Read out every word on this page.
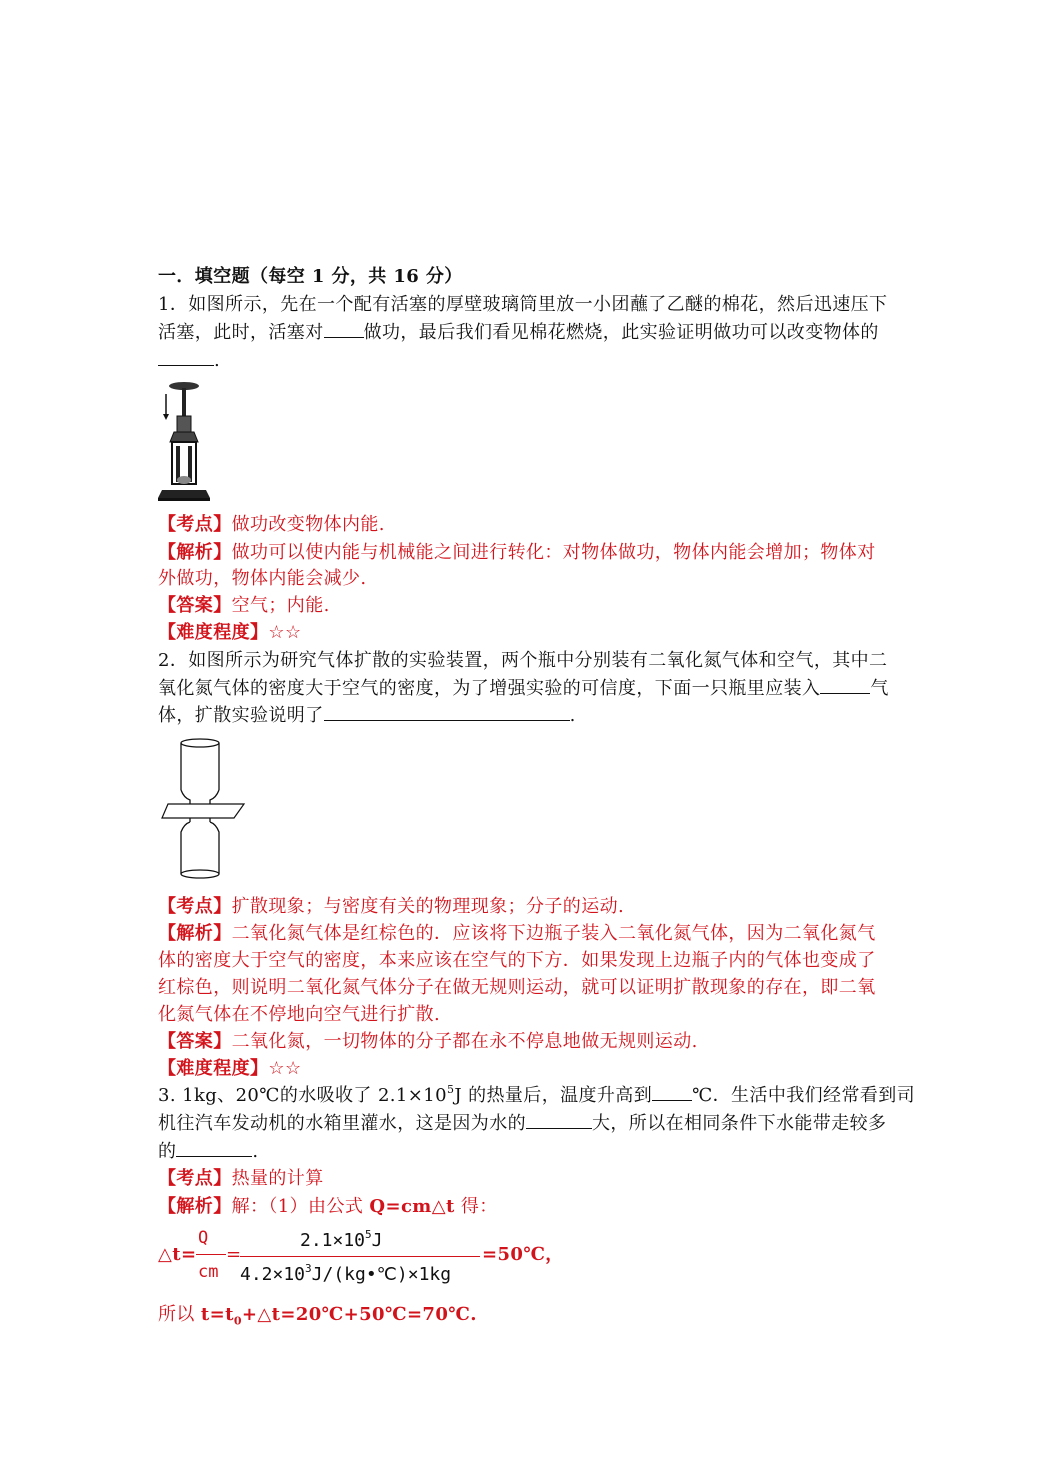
一．填空题（每空 1 分，共 16 分）
1．如图所示，先在一个配有活塞的厚壁玻璃筒里放一小团蘸了乙醚的棉花，然后迅速压下
活塞，此时，活塞对 做功，最后我们看见棉花燃烧，此实验证明做功可以改变物体的
.
【考点】做功改变物体内能.
【解析】做功可以使内能与机械能之间进行转化：对物体做功，物体内能会增加；物体对
外做功，物体内能会减少.
【答案】空气；内能.
【难度程度】☆☆
2．如图所示为研究气体扩散的实验装置，两个瓶中分别装有二氧化氮气体和空气，其中二
氧化氮气体的密度大于空气的密度，为了增强实验的可信度，下面一只瓶里应装入	气
体，扩散实验说明了	.
【考点】扩散现象；与密度有关的物理现象；分子的运动.
【解析】二氧化氮气体是红棕色的．应该将下边瓶子装入二氧化氮气体，因为二氧化氮气
体的密度大于空气的密度，本来应该在空气的下方．如果发现上边瓶子内的气体也变成了
红棕色，则说明二氧化氮气体分子在做无规则运动，就可以证明扩散现象的存在，即二氧
化氮气体在不停地向空气进行扩散.
【答案】二氧化氮，一切物体的分子都在永不停息地做无规则运动.
【难度程度】☆☆
3. 1kg、20℃的水吸收了 $2.1\times 10^5J$ 的热量后，温度升高到 ℃．生活中我们经常看到司
机往汽车发动机的水箱里灌水，这是因为水的	大，所以在相同条件下水能带走较多
的	.
【考点】热量的计算
【解析】解：（1）由公式 Q=cm△t 得：
△t=
Q
cm
=
$2.1\times 10^5J$
$4.2\times 10^3J/(kg•℃)\times 1kg$
=50℃，
所以 $t=t_0+\triangle t=20℃+50℃=70℃$.
